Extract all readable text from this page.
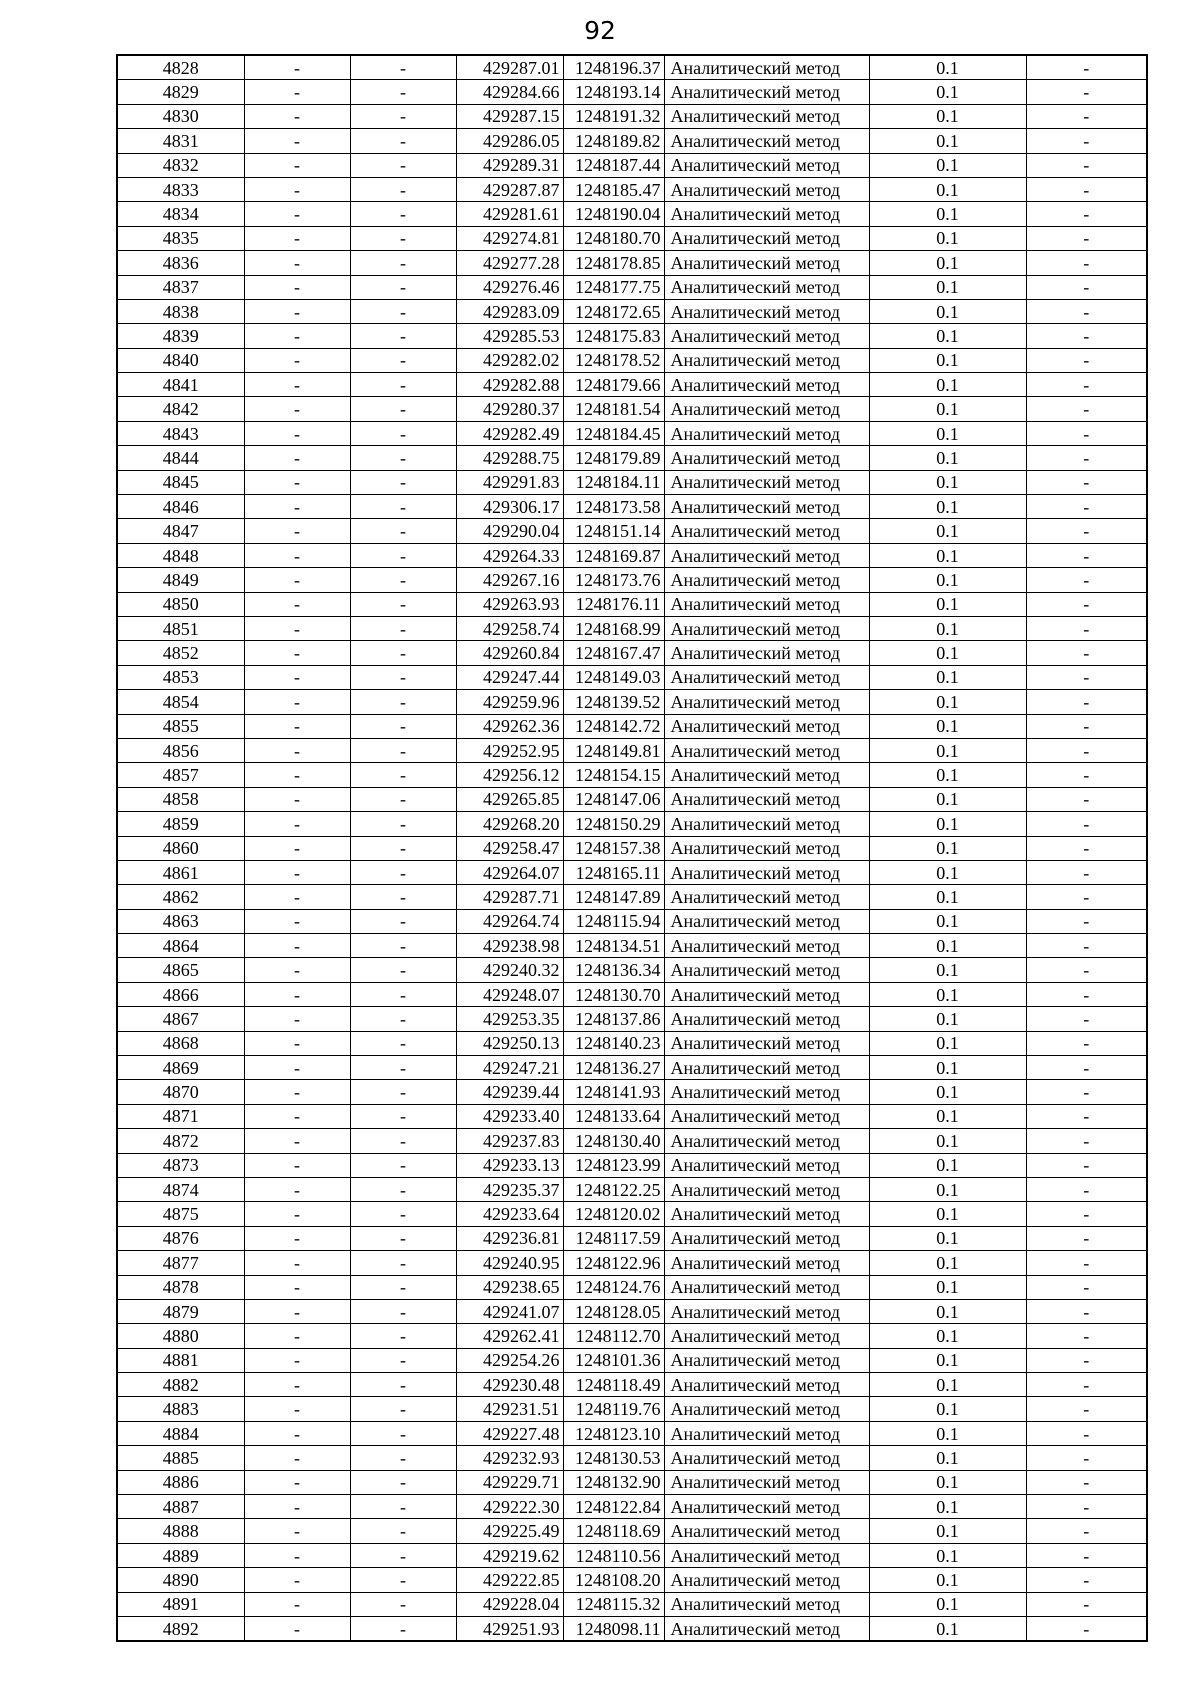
92
4828	-	-	429287.01	1248196.37	Аналитический метод	0.1	-
4829	-	-	429284.66	1248193.14	Аналитический метод	0.1	-
4830	-	-	429287.15	1248191.32	Аналитический метод	0.1	-
4831	-	-	429286.05	1248189.82	Аналитический метод	0.1	-
4832	-	-	429289.31	1248187.44	Аналитический метод	0.1	-
4833	-	-	429287.87	1248185.47	Аналитический метод	0.1	-
4834	-	-	429281.61	1248190.04	Аналитический метод	0.1	-
4835	-	-	429274.81	1248180.70	Аналитический метод	0.1	-
4836	-	-	429277.28	1248178.85	Аналитический метод	0.1	-
4837	-	-	429276.46	1248177.75	Аналитический метод	0.1	-
4838	-	-	429283.09	1248172.65	Аналитический метод	0.1	-
4839	-	-	429285.53	1248175.83	Аналитический метод	0.1	-
4840	-	-	429282.02	1248178.52	Аналитический метод	0.1	-
4841	-	-	429282.88	1248179.66	Аналитический метод	0.1	-
4842	-	-	429280.37	1248181.54	Аналитический метод	0.1	-
4843	-	-	429282.49	1248184.45	Аналитический метод	0.1	-
4844	-	-	429288.75	1248179.89	Аналитический метод	0.1	-
4845	-	-	429291.83	1248184.11	Аналитический метод	0.1	-
4846	-	-	429306.17	1248173.58	Аналитический метод	0.1	-
4847	-	-	429290.04	1248151.14	Аналитический метод	0.1	-
4848	-	-	429264.33	1248169.87	Аналитический метод	0.1	-
4849	-	-	429267.16	1248173.76	Аналитический метод	0.1	-
4850	-	-	429263.93	1248176.11	Аналитический метод	0.1	-
4851	-	-	429258.74	1248168.99	Аналитический метод	0.1	-
4852	-	-	429260.84	1248167.47	Аналитический метод	0.1	-
4853	-	-	429247.44	1248149.03	Аналитический метод	0.1	-
4854	-	-	429259.96	1248139.52	Аналитический метод	0.1	-
4855	-	-	429262.36	1248142.72	Аналитический метод	0.1	-
4856	-	-	429252.95	1248149.81	Аналитический метод	0.1	-
4857	-	-	429256.12	1248154.15	Аналитический метод	0.1	-
4858	-	-	429265.85	1248147.06	Аналитический метод	0.1	-
4859	-	-	429268.20	1248150.29	Аналитический метод	0.1	-
4860	-	-	429258.47	1248157.38	Аналитический метод	0.1	-
4861	-	-	429264.07	1248165.11	Аналитический метод	0.1	-
4862	-	-	429287.71	1248147.89	Аналитический метод	0.1	-
4863	-	-	429264.74	1248115.94	Аналитический метод	0.1	-
4864	-	-	429238.98	1248134.51	Аналитический метод	0.1	-
4865	-	-	429240.32	1248136.34	Аналитический метод	0.1	-
4866	-	-	429248.07	1248130.70	Аналитический метод	0.1	-
4867	-	-	429253.35	1248137.86	Аналитический метод	0.1	-
4868	-	-	429250.13	1248140.23	Аналитический метод	0.1	-
4869	-	-	429247.21	1248136.27	Аналитический метод	0.1	-
4870	-	-	429239.44	1248141.93	Аналитический метод	0.1	-
4871	-	-	429233.40	1248133.64	Аналитический метод	0.1	-
4872	-	-	429237.83	1248130.40	Аналитический метод	0.1	-
4873	-	-	429233.13	1248123.99	Аналитический метод	0.1	-
4874	-	-	429235.37	1248122.25	Аналитический метод	0.1	-
4875	-	-	429233.64	1248120.02	Аналитический метод	0.1	-
4876	-	-	429236.81	1248117.59	Аналитический метод	0.1	-
4877	-	-	429240.95	1248122.96	Аналитический метод	0.1	-
4878	-	-	429238.65	1248124.76	Аналитический метод	0.1	-
4879	-	-	429241.07	1248128.05	Аналитический метод	0.1	-
4880	-	-	429262.41	1248112.70	Аналитический метод	0.1	-
4881	-	-	429254.26	1248101.36	Аналитический метод	0.1	-
4882	-	-	429230.48	1248118.49	Аналитический метод	0.1	-
4883	-	-	429231.51	1248119.76	Аналитический метод	0.1	-
4884	-	-	429227.48	1248123.10	Аналитический метод	0.1	-
4885	-	-	429232.93	1248130.53	Аналитический метод	0.1	-
4886	-	-	429229.71	1248132.90	Аналитический метод	0.1	-
4887	-	-	429222.30	1248122.84	Аналитический метод	0.1	-
4888	-	-	429225.49	1248118.69	Аналитический метод	0.1	-
4889	-	-	429219.62	1248110.56	Аналитический метод	0.1	-
4890	-	-	429222.85	1248108.20	Аналитический метод	0.1	-
4891	-	-	429228.04	1248115.32	Аналитический метод	0.1	-
4892	-	-	429251.93	1248098.11	Аналитический метод	0.1	-
